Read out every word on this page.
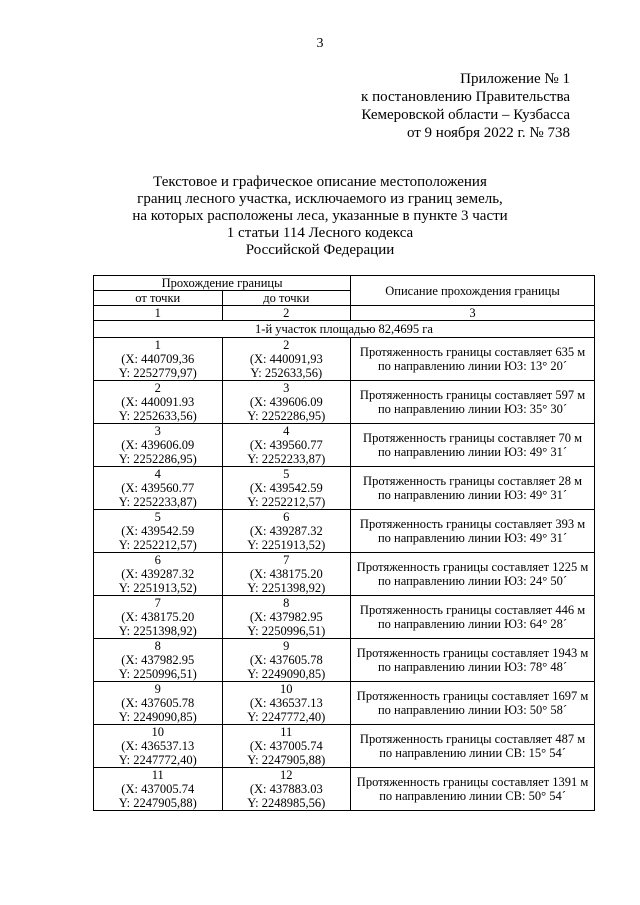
3
Приложение № 1
к постановлению Правительства
Кемеровской области – Кузбасса
от 9 ноября 2022 г. № 738
Текстовое и графическое описание местоположения
границ лесного участка, исключаемого из границ земель,
на которых расположены леса, указанные в пункте 3 части
1 статьи 114 Лесного кодекса
Российской Федерации
Прохождение границы		Описание прохождения границы
от точки	до точки	
1	2	3
1-й участок площадью 82,4695 га		

1
(X: 440709,36
Y: 2252779,97)	2
(X: 440091,93
Y: 252633,56)	Протяженность границы составляет 635 м
по направлению линии ЮЗ: 13° 20´

2
(X: 440091.93
Y: 2252633,56)	3
(X: 439606.09
Y: 2252286,95)	Протяженность границы составляет 597 м
по направлению линии ЮЗ: 35° 30´

3
(X: 439606.09
Y: 2252286,95)	4
(X: 439560.77
Y: 2252233,87)	Протяженность границы составляет 70 м
по направлению линии ЮЗ: 49° 31´

4
(X: 439560.77
Y: 2252233,87)	5
(X: 439542.59
Y: 2252212,57)	Протяженность границы составляет 28 м
по направлению линии ЮЗ: 49° 31´

5
(X: 439542.59
Y: 2252212,57)	6
(X: 439287.32
Y: 2251913,52)	Протяженность границы составляет 393 м
по направлению линии ЮЗ: 49° 31´

6
(X: 439287.32
Y: 2251913,52)	7
(X: 438175.20
Y: 2251398,92)	Протяженность границы составляет 1225 м
по направлению линии ЮЗ: 24° 50´

7
(X: 438175.20
Y: 2251398,92)	8
(X: 437982.95
Y: 2250996,51)	Протяженность границы составляет 446 м
по направлению линии ЮЗ: 64° 28´

8
(X: 437982.95
Y: 2250996,51)	9
(X: 437605.78
Y: 2249090,85)	Протяженность границы составляет 1943 м
по направлению линии ЮЗ: 78° 48´

9
(X: 437605.78
Y: 2249090,85)	10
(X: 436537.13
Y: 2247772,40)	Протяженность границы составляет 1697 м
по направлению линии ЮЗ: 50° 58´

10
(X: 436537.13
Y: 2247772,40)	11
(X: 437005.74
Y: 2247905,88)	Протяженность границы составляет 487 м
по направлению линии СВ: 15° 54´

11
(X: 437005.74
Y: 2247905,88)	12
(X: 437883.03
Y: 2248985,56)	Протяженность границы составляет 1391 м
по направлению линии СВ: 50° 54´
